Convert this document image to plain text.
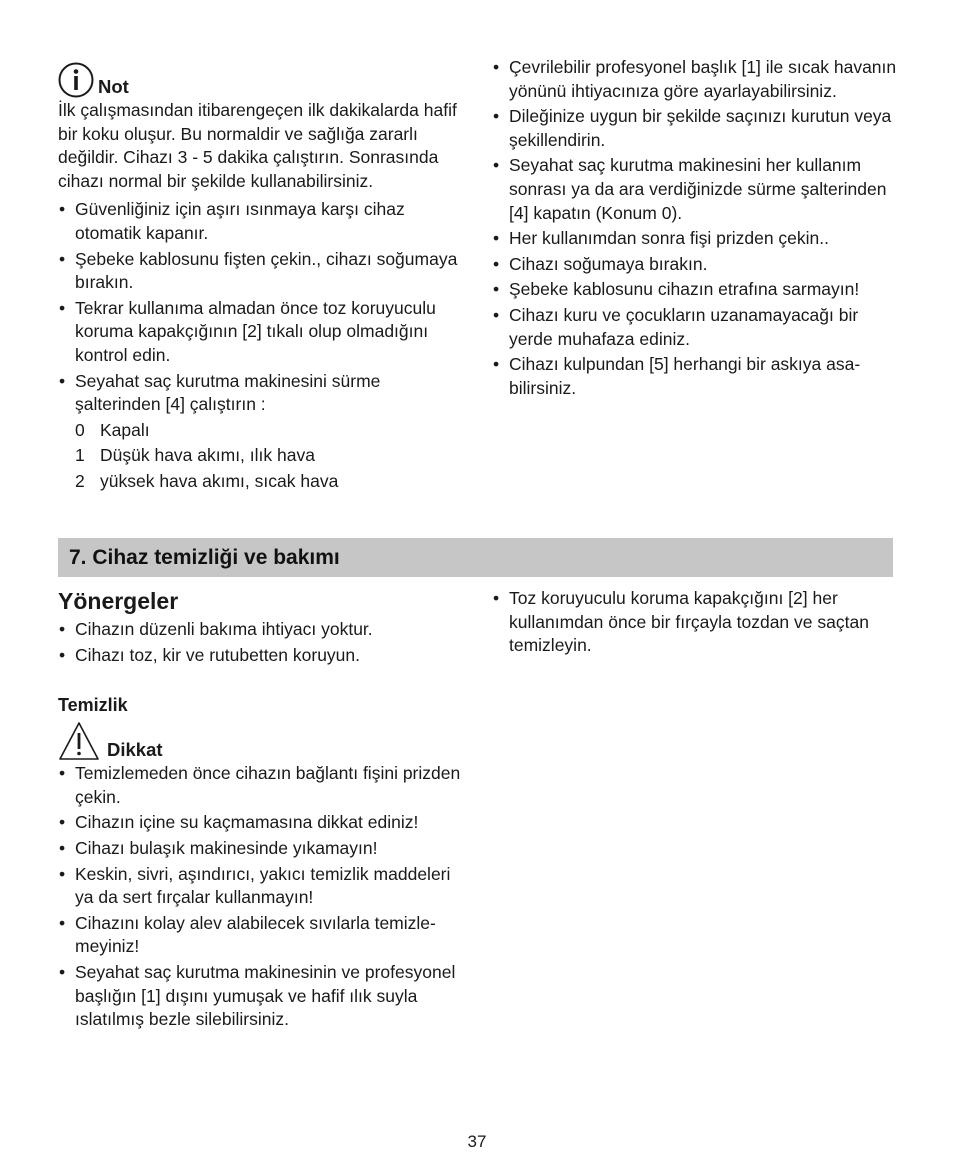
Not

İlk çalışmasından itibarengeçen ilk dakikalarda hafif bir koku oluşur. Bu normaldir ve sağlığa zararlı değildir. Cihazı 3 - 5 dakika çalıştırın. Sonrasında cihazı normal bir şekilde kullanabilirsiniz.

• Güvenliğiniz için aşırı ısınmaya karşı cihaz otomatik kapanır.
• Şebeke kablosunu fişten çekin., cihazı soğumaya bırakın.
• Tekrar kullanıma almadan önce toz koruyuculu koruma kapakçığının [2] tıkalı olup olmadığını kontrol edin.
• Seyahat saç kurutma makinesini sürme şalterinden [4] çalıştırın :
0 Kapalı
1 Düşük hava akımı, ılık hava
2 yüksek hava akımı, sıcak hava
• Çevrilebilir profesyonel başlık [1] ile sıcak havanın yönünü ihtiyacınıza göre ayarlayabilirsiniz.
• Dileğinize uygun bir şekilde saçınızı kurutun veya şekillendirin.
• Seyahat saç kurutma makinesini her kullanım sonrası ya da ara verdiğinizde sürme şalterinden [4] kapatın (Konum 0).
• Her kullanımdan sonra fişi prizden çekin..
• Cihazı soğumaya bırakın.
• Şebeke kablosunu cihazın etrafına sarmayın!
• Cihazı kuru ve çocukların uzanamayacağı bir yerde muhafaza ediniz.
• Cihazı kulpundan [5] herhangi bir askıya asabilirsiniz.
7. Cihaz temizliği ve bakımı
Yönergeler
• Cihazın düzenli bakıma ihtiyacı yoktur.
• Cihazı toz, kir ve rutubetten koruyun.
Temizlik
Dikkat
• Temizlemeden önce cihazın bağlantı fişini prizden çekin.
• Cihazın içine su kaçmamasına dikkat ediniz!
• Cihazı bulaşık makinesinde yıkamayın!
• Keskin, sivri, aşındırıcı, yakıcı temizlik maddeleri ya da sert fırçalar kullanmayın!
• Cihazını kolay alev alabilecek sıvılarla temizlemeyiniz!
• Seyahat saç kurutma makinesinin ve profesyonel başlığın [1] dışını yumuşak ve hafif ılık suyla ıslatılmış bezle silebilirsiniz.
• Toz koruyuculu koruma kapakçığını [2] her kullanımdan önce bir fırçayla tozdan ve saçtan temizleyin.
37
